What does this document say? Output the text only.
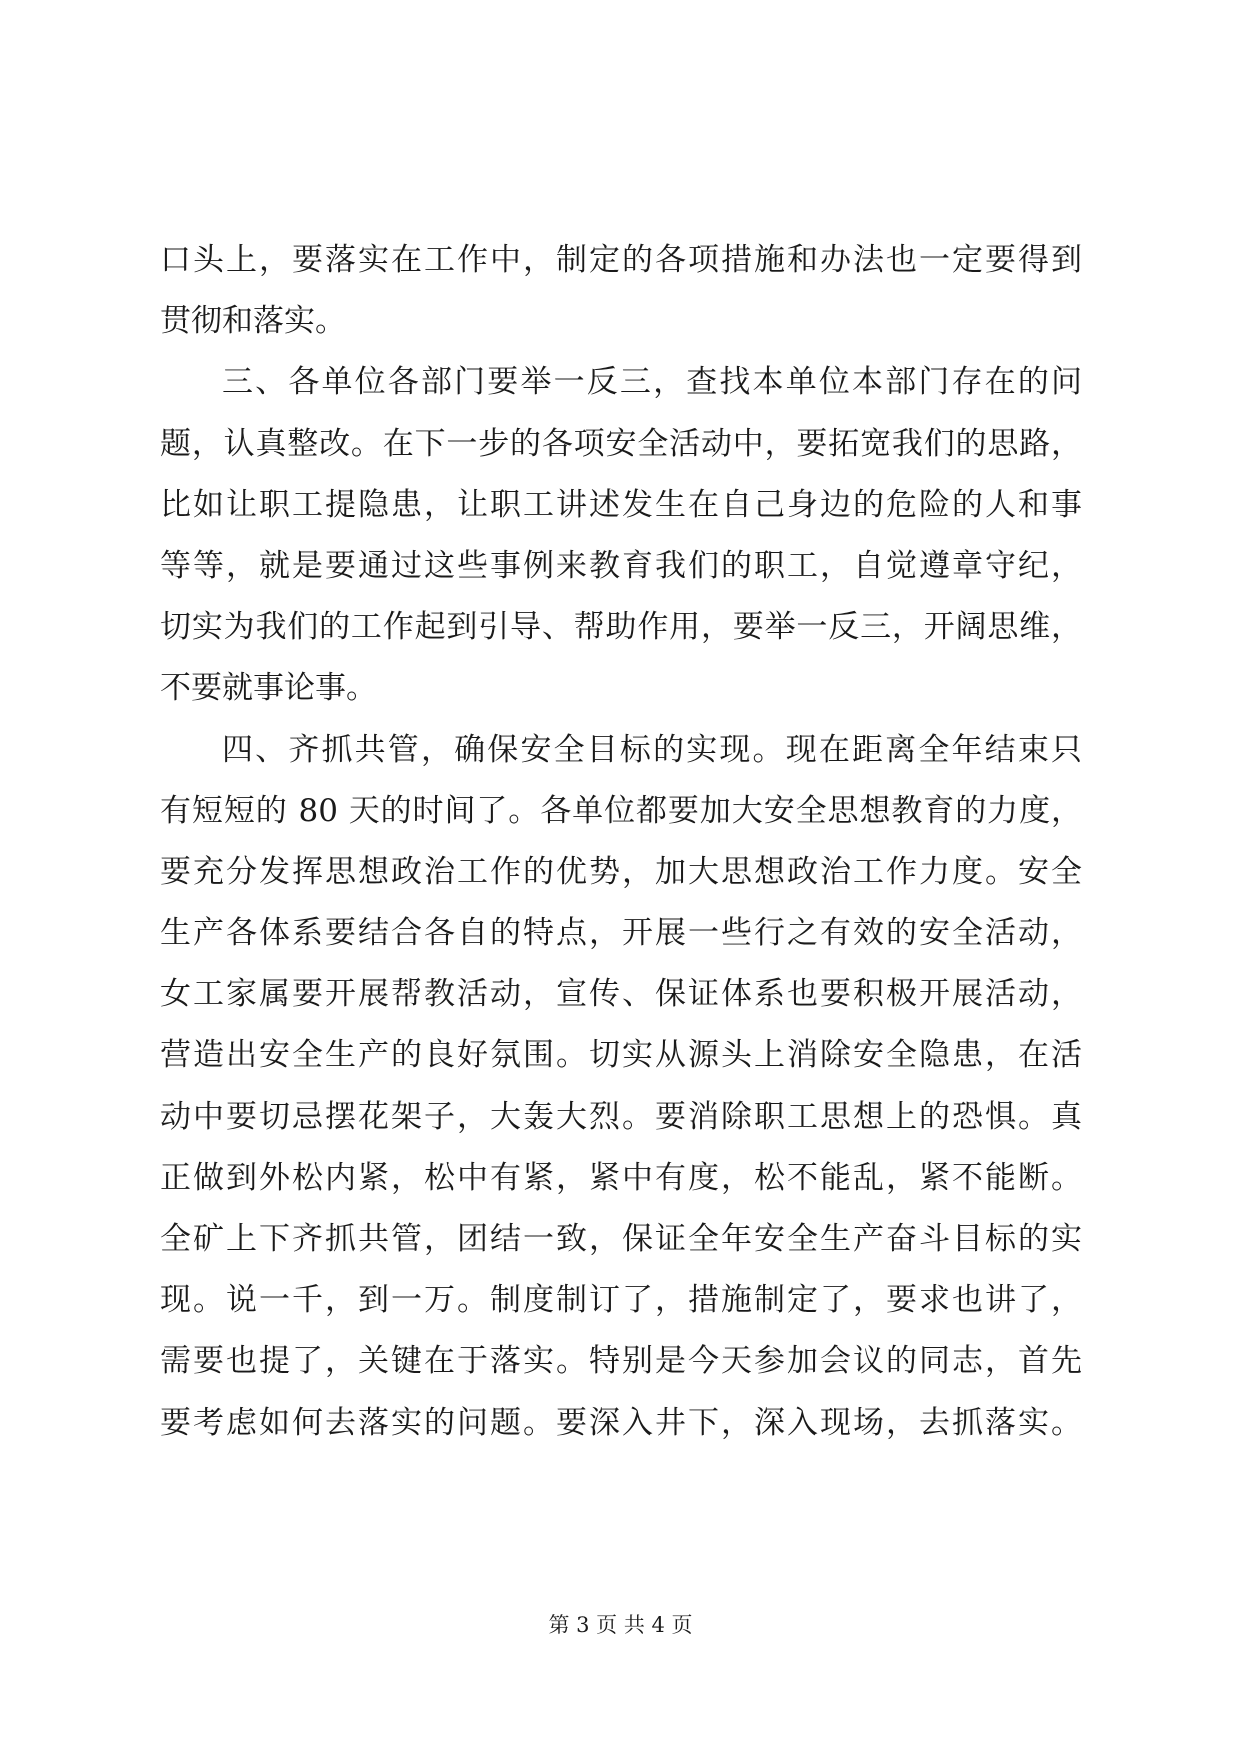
口头上，要落实在工作中，制定的各项措施和办法也一定要得到
贯彻和落实。
三、各单位各部门要举一反三，查找本单位本部门存在的问
题，认真整改。在下一步的各项安全活动中，要拓宽我们的思路，
比如让职工提隐患，让职工讲述发生在自己身边的危险的人和事
等等，就是要通过这些事例来教育我们的职工，自觉遵章守纪，
切实为我们的工作起到引导、帮助作用，要举一反三，开阔思维，
不要就事论事。
四、齐抓共管，确保安全目标的实现。现在距离全年结束只
有短短的 80 天的时间了。各单位都要加大安全思想教育的力度，
要充分发挥思想政治工作的优势，加大思想政治工作力度。安全
生产各体系要结合各自的特点，开展一些行之有效的安全活动，
女工家属要开展帮教活动，宣传、保证体系也要积极开展活动，
营造出安全生产的良好氛围。切实从源头上消除安全隐患，在活
动中要切忌摆花架子，大轰大烈。要消除职工思想上的恐惧。真
正做到外松内紧，松中有紧，紧中有度，松不能乱，紧不能断。
全矿上下齐抓共管，团结一致，保证全年安全生产奋斗目标的实
现。说一千，到一万。制度制订了，措施制定了，要求也讲了，
需要也提了，关键在于落实。特别是今天参加会议的同志，首先
要考虑如何去落实的问题。要深入井下，深入现场，去抓落实。
第 3 页 共 4 页
